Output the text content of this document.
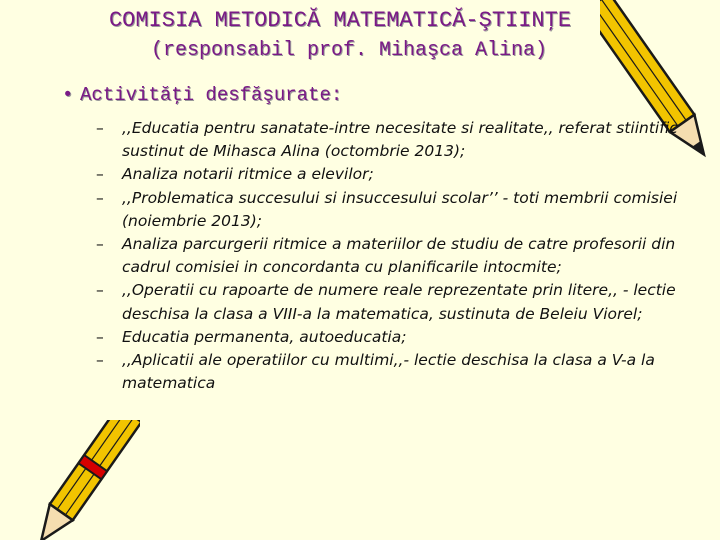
COMISIA METODICĂ MATEMATICĂ-ŞTIINŢE
(responsabil prof. Mihaşca Alina)
• Activităţi desfăşurate:
– ,,Educatia pentru sanatate-intre necesitate si realitate,, referat stiintific sustinut de Mihasca Alina (octombrie 2013);
– Analiza notarii ritmice a elevilor;
– ,,Problematica succesului si insuccesului scolar’’ - toti membrii comisiei (noiembrie 2013);
– Analiza parcurgerii ritmice a materiilor de studiu de catre profesorii din cadrul comisiei in concordanta cu planificarile intocmite;
– ,,Operatii cu rapoarte de numere reale reprezentate prin litere,, - lectie deschisa la clasa a VIII-a la matematica, sustinuta de Beleiu Viorel;
– Educatia permanenta, autoeducatia;
– ,,Aplicatii ale operatiilor cu multimi,,- lectie deschisa la clasa a V-a la matematica
